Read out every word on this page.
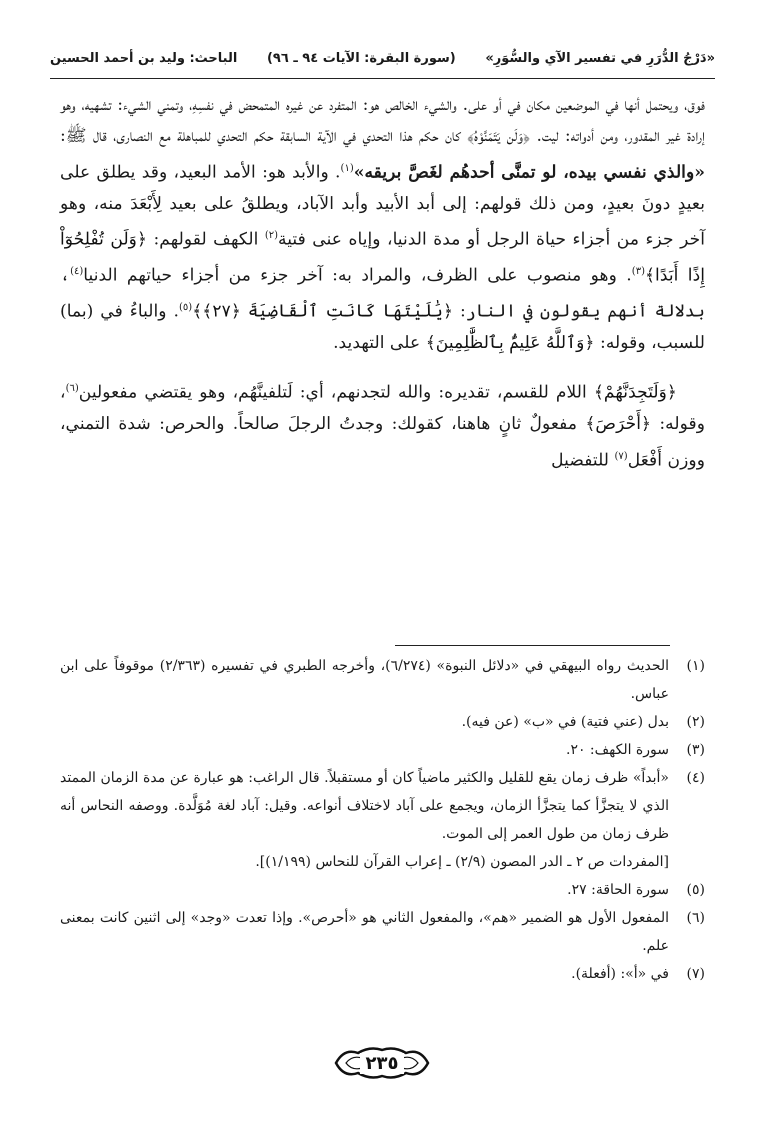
«دَرْجُ الدُّرَرِ في تفسير الآي والسُّوَرِ»
(سورة البقرة: الآيات ٩٤ ـ ٩٦)
الباحث: وليد بن أحمد الحسين

فوق، ويحتمل أنها في الموضعين مكان في أو على. والشيء الخالص هو: المتفرد عن غيره المتمحض في نفسِهِ، وتمني الشيء: تشهيه، وهو إرادة غير المقدور، ومن أدواته: ليت. ﴿وَلَن يَتَمَنَّوْهُ﴾ كان حكم هذا التحدي في الآية السابقة حكم التحدي للمباهلة مع النصارى، قال ﷺ: «والذي نفسي بيده، لو تمنَّى أحدهُم لغَصَّ بريقه»$^{(١)}$. والأبد هو: الأمد البعيد، وقد يطلق على بعيدٍ دونَ بعيدٍ، ومن ذلك قولهم: إلى أبد الأبيد وأبد الآباد، ويطلقُ على بعيد لِأَبْعَدَ منه، وهو آخر جزء من أجزاء حياة الرجل أو مدة الدنيا، وإياه عنى فتية$^{(٢)}$ الكهف لقولهم: ﴿وَلَن تُفْلِحُوٓاْ إِذًا أَبَدًا﴾$^{(٣)}$. وهو منصوب على الظرف، والمراد به: آخر جزء من أجزاء حياتهم الدنيا$^{(٤)}$، بدلالة أنهم يقولون في النار: ﴿يَٰلَيْتَهَا كَانَتِ ٱلْقَاضِيَةَ ﴿٢٧﴾﴾$^{(٥)}$. والباءُ في (بما) للسبب، وقوله: ﴿وَٱللَّهُ عَلِيمٌۢ بِٱلظَّٰلِمِينَ﴾ على التهديد.

﴿وَلَتَجِدَنَّهُمْ﴾ اللام للقسم، تقديره: والله لتجدنهم، أي: لَتلفينَّهُم، وهو يقتضي مفعولين$^{(٦)}$، وقوله: ﴿أَحْرَصَ﴾ مفعولٌ ثانٍ هاهنا، كقولك: وجدتُ الرجلَ صالحاً. والحرص: شدة التمني، ووزن أَفْعَل$^{(٧)}$ للتفضيل

(١)
الحديث رواه البيهقي في «دلائل النبوة» (٦/٢٧٤)، وأخرجه الطبري في تفسيره (٢/٣٦٣) موقوفاً على ابن عباس.
(٢)
بدل (عني فتية) في «ب» (عن فيه).
(٣)
سورة الكهف: ٢٠.
(٤)
«أبداً» ظرف زمان يقع للقليل والكثير ماضياً كان أو مستقبلاً. قال الراغب: هو عبارة عن مدة الزمان الممتد الذي لا يتجزَّأ كما يتجزَّأ الزمان، ويجمع على آباد لاختلاف أنواعه. وقيل: آباد لغة مُوَلَّدة. ووصفه النحاس أنه ظرف زمان من طول العمر إلى الموت.
[المفردات ص ٢ ـ الدر المصون (٢/٩) ـ إعراب القرآن للنحاس (١/١٩٩)].
(٥)
سورة الحاقة: ٢٧.
(٦)
المفعول الأول هو الضمير «هم»، والمفعول الثاني هو «أحرص». وإذا تعدت «وجد» إلى اثنين كانت بمعنى علم.
(٧)
في «أ»: (أفعلة).
٢٣٥
